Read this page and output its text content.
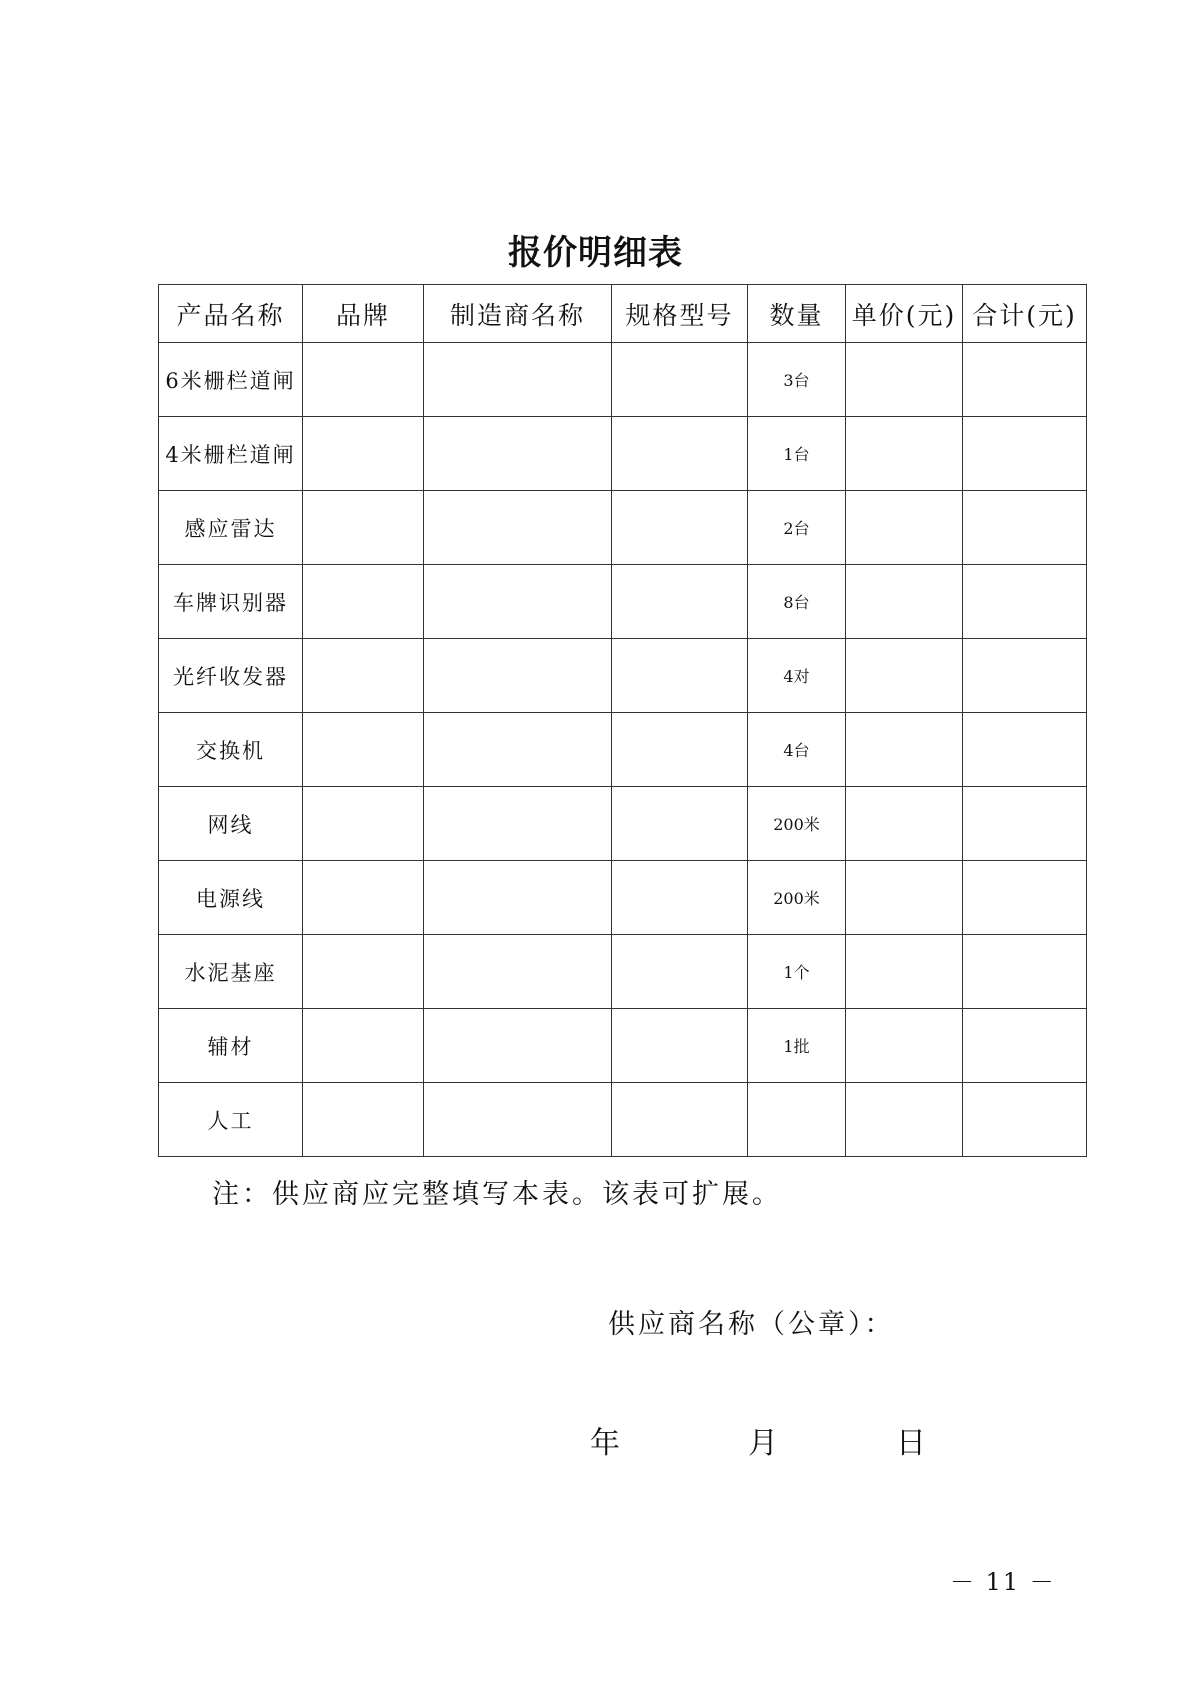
报价明细表
产品名称	品牌	制造商名称	规格型号	数量	单价(元)	合计(元)
6米栅栏道闸				3台		
4米栅栏道闸				1台		
感应雷达				2台		
车牌识别器				8台		
光纤收发器				4对		
交换机				4台		
网线				200米		
电源线				200米		
水泥基座				1个		
辅材				1批		
人工						

注：供应商应完整填写本表。该表可扩展。

供应商名称（公章）：

年	月	日
－ 11 －
